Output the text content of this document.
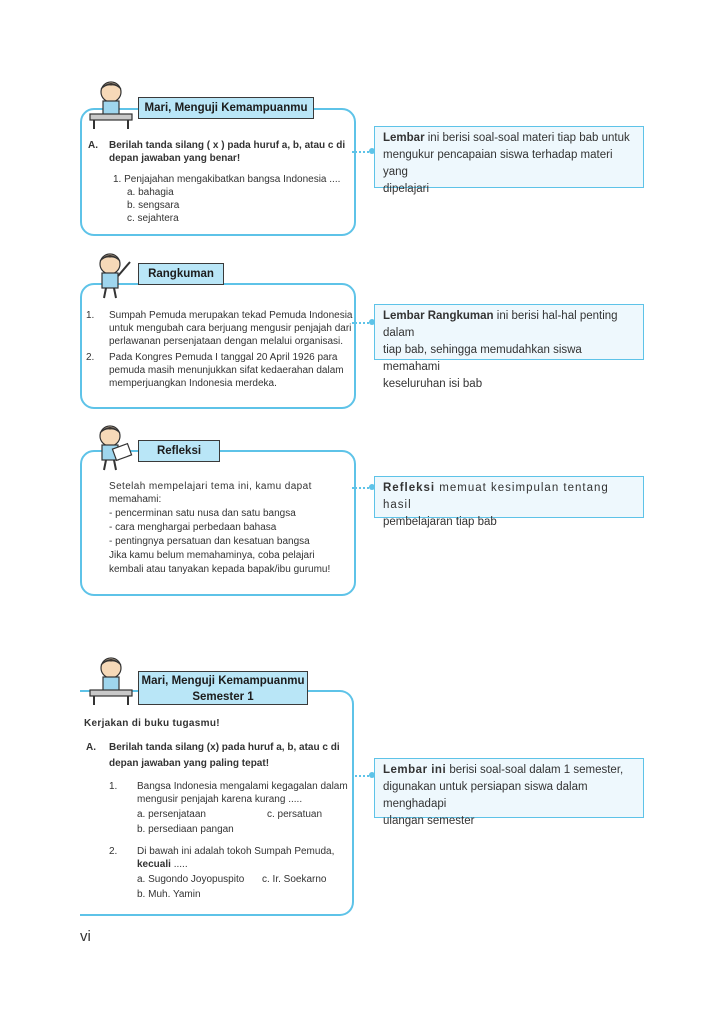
Mari, Menguji Kemampuanmu
A. Berilah tanda silang ( x ) pada huruf a, b, atau c di
depan jawaban yang benar!
1. Penjajahan mengakibatkan bangsa Indonesia ....
a. bahagia
b. sengsara
c. sejahtera
Lembar ini berisi soal-soal materi tiap bab untuk
mengukur pencapaian siswa terhadap materi yang
dipelajari
Rangkuman
1. Sumpah Pemuda merupakan tekad Pemuda Indonesia
untuk mengubah cara berjuang mengusir penjajah dari
perlawanan persenjataan dengan melalui organisasi.
2. Pada Kongres Pemuda I tanggal 20 April 1926 para
pemuda masih menunjukkan sifat kedaerahan dalam
memperjuangkan Indonesia merdeka.
Lembar Rangkuman ini berisi hal-hal penting dalam
tiap bab, sehingga memudahkan siswa memahami
keseluruhan isi bab
Refleksi
Setelah mempelajari tema ini, kamu dapat
memahami:
- pencerminan satu nusa dan satu bangsa
- cara menghargai perbedaan bahasa
- pentingnya persatuan dan kesatuan bangsa
Jika kamu belum memahaminya, coba pelajari
kembali atau tanyakan kepada bapak/ibu gurumu!
Refleksi memuat kesimpulan tentang hasil
pembelajaran tiap bab
Mari, Menguji Kemampuanmu
Semester 1
Kerjakan di buku tugasmu!
A. Berilah tanda silang (x) pada huruf a, b, atau c di
depan jawaban yang paling tepat!
1. Bangsa Indonesia mengalami kegagalan dalam
mengusir penjajah karena kurang .....
a. persenjataan	c. persatuan
b. persediaan pangan
2. Di bawah ini adalah tokoh Sumpah Pemuda,
kecuali .....
a. Sugondo Joyopuspito c. Ir. Soekarno
b. Muh. Yamin
Lembar ini berisi soal-soal dalam 1 semester,
digunakan untuk persiapan siswa dalam menghadapi
ulangan semester
vi
